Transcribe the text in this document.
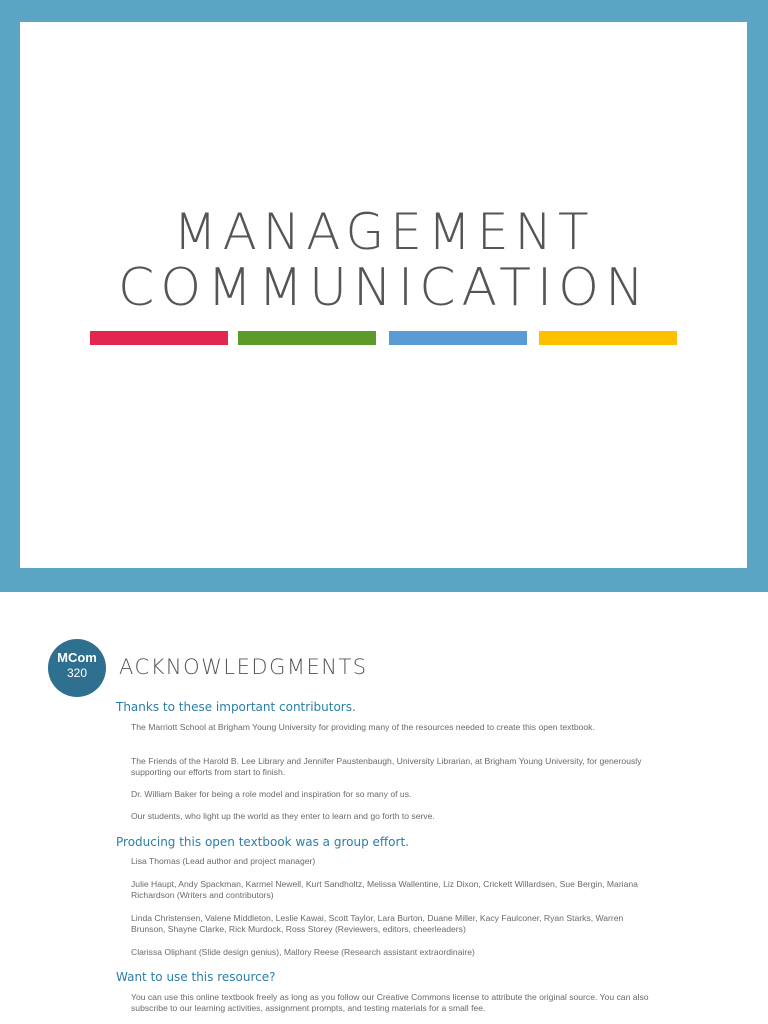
MANAGEMENT
COMMUNICATION
MCom
320	ACKNOWLEDGMENTS
Thanks to these important contributors.
The Marriott School at Brigham Young University for providing many of the resources needed to create this open textbook.
The Friends of the Harold B. Lee Library and Jennifer Paustenbaugh, University Librarian, at Brigham Young University, for generously supporting our efforts from start to finish.
Dr. William Baker for being a role model and inspiration for so many of us.
Our students, who light up the world as they enter to learn and go forth to serve.
Producing this open textbook was a group effort.
Lisa Thomas (Lead author and project manager)
Julie Haupt, Andy Spackman, Karmel Newell, Kurt Sandholtz, Melissa Wallentine, Liz Dixon, Crickett Willardsen, Sue Bergin, Mariana Richardson (Writers and contributors)
Linda Christensen, Valene Middleton, Leslie Kawai, Scott Taylor, Lara Burton, Duane Miller, Kacy Faulconer, Ryan Starks, Warren Brunson, Shayne Clarke, Rick Murdock, Ross Storey (Reviewers, editors, cheerleaders)
Clarissa Oliphant (Slide design genius), Mallory Reese (Research assistant extraordinaire)
Want to use this resource?
You can use this online textbook freely as long as you follow our Creative Commons license to attribute the original source. You can also subscribe to our learning activities, assignment prompts, and testing materials for a small fee.
